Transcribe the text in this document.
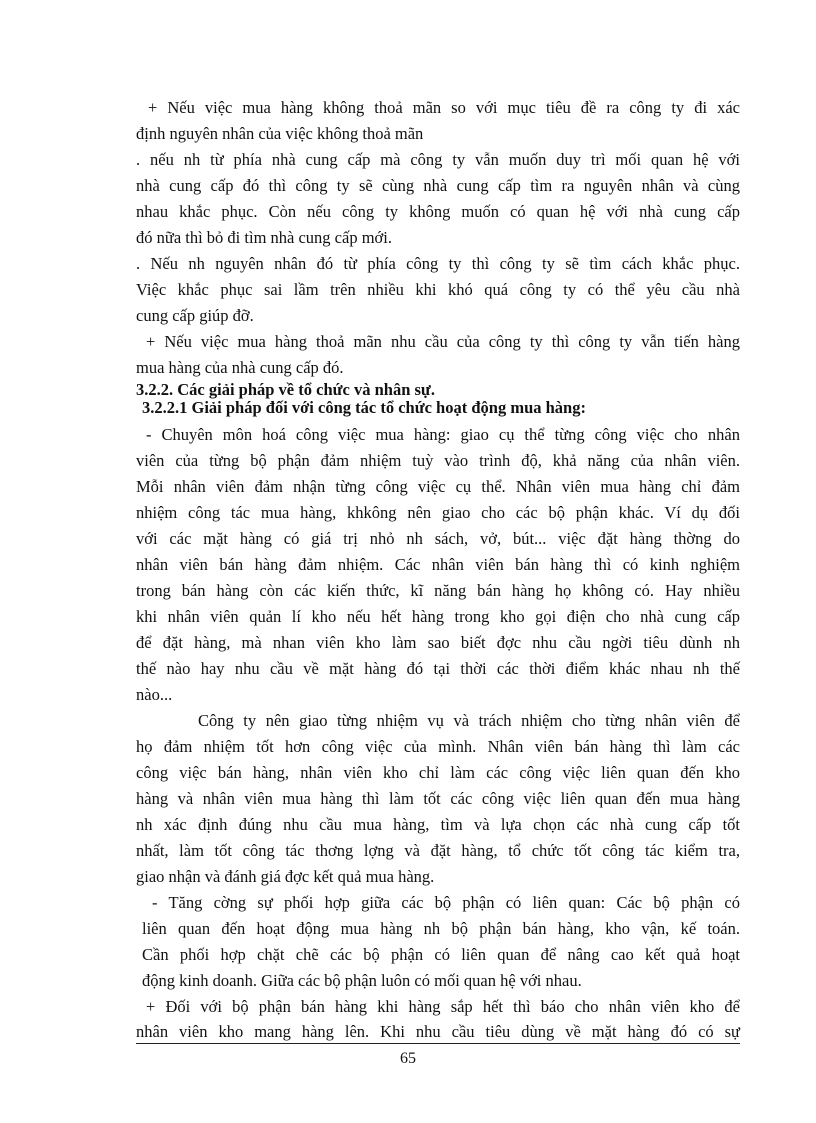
+ Nếu việc mua hàng không thoả mãn so với mục tiêu đề ra công ty đi xác
định nguyên nhân của việc không thoả mãn
. nếu nh từ phía nhà cung cấp mà công ty vẫn muốn duy trì mối quan hệ với
nhà cung cấp đó thì công ty sẽ cùng nhà cung cấp tìm ra nguyên nhân và cùng
nhau khắc phục. Còn nếu công ty không muốn có quan hệ với nhà cung cấp
đó nữa thì bỏ đi tìm nhà cung cấp mới.
. Nếu nh nguyên nhân đó từ phía công ty thì công ty sẽ tìm cách khắc phục.
Việc khắc phục sai lầm trên nhiều khi khó quá công ty có thể yêu cầu nhà
cung cấp giúp đỡ.
+ Nếu việc mua hàng thoả mãn nhu cầu của công ty thì công ty vẫn tiến hàng
mua hàng của nhà cung cấp đó.
3.2.2. Các giải pháp về tổ chức và nhân sự.
3.2.2.1 Giải pháp đối với công tác tổ chức hoạt động mua hàng:
- Chuyên môn hoá công việc mua hàng: giao cụ thể từng công việc cho nhân
viên của từng bộ phận đảm nhiệm tuỳ vào trình độ, khả năng của nhân viên.
Mỗi nhân viên đảm nhận từng công việc cụ thể. Nhân viên mua hàng chỉ đảm
nhiệm công tác mua hàng, khkông nên giao cho các bộ phận khác. Ví dụ đối
với các mặt hàng có giá trị nhỏ nh sách, vở, bút... việc đặt hàng thờng do
nhân viên bán hàng đảm nhiệm. Các nhân viên bán hàng thì có kinh nghiệm
trong bán hàng còn các kiến thức, kĩ năng bán hàng họ không có. Hay nhiều
khi nhân viên quản lí kho nếu hết hàng trong kho gọi điện cho nhà cung cấp
để đặt hàng, mà nhan viên kho làm sao biết đợc nhu cầu ngời tiêu dùnh nh
thế nào hay nhu cầu về mặt hàng đó tại thời các thời điểm khác nhau nh thế
nào...
Công ty nên giao từng nhiệm vụ và trách nhiệm cho từng nhân viên để
họ đảm nhiệm tốt hơn công việc của mình. Nhân viên bán hàng thì làm các
công việc bán hàng, nhân viên kho chỉ làm các công việc liên quan đến kho
hàng và nhân viên mua hàng thì làm tốt các công việc liên quan đến mua hàng
nh xác định đúng nhu cầu mua hàng, tìm và lựa chọn các nhà cung cấp tốt
nhất, làm tốt công tác thơng lợng và đặt hàng, tổ chức tốt công tác kiểm tra,
giao nhận và đánh giá đợc kết quả mua hàng.
- Tăng cờng sự phối hợp giữa các bộ phận có liên quan: Các bộ phận có
liên quan đến hoạt động mua hàng nh bộ phận bán hàng, kho vận, kế toán.
Cần phối hợp chặt chẽ các bộ phận có liên quan để nâng cao kết quả hoạt
động kinh doanh. Giữa các bộ phận luôn có mối quan hệ với nhau.
+ Đối với bộ phận bán hàng khi hàng sắp hết thì báo cho nhân viên kho để
nhân viên kho mang hàng lên. Khi nhu cầu tiêu dùng về mặt hàng đó có sự
65
